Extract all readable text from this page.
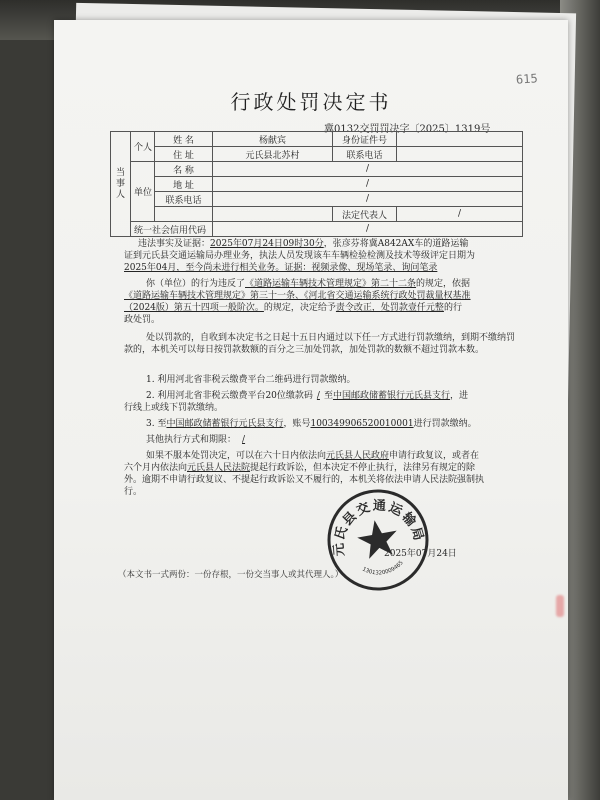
615
行政处罚决定书
冀0132交罚罚决字〔2025〕1319号
当事人	个人	姓 名	杨献宾	身份证件号	
		住 址	元氏县北苏村	联系电话	
	单位	名 称	/		
		地 址	/		
		联系电话	/		
				法定代表人	/
	统一社会信用代码		/		
违法事实及证据：2025年07月24日09时30分，张彦芬将冀A842AX车的道路运输
证到元氏县交通运输局办理业务，执法人员发现该车车辆检验检测及技术等级评定日期为
2025年04月，至今尚未进行相关业务。证据：视频录像、现场笔录、询问笔录
你（单位）的行为违反了《道路运输车辆技术管理规定》第二十二条的规定，依据
《道路运输车辆技术管理规定》第三十一条、《河北省交通运输系统行政处罚裁量权基准
（2024版）第五十四项一般阶次。的规定，决定给予责令改正，处罚款壹仟元整的行
政处罚。
处以罚款的，自收到本决定书之日起十五日内通过以下任一方式进行罚款缴纳，到期不缴纳罚款的，本机关可以每日按罚款数额的百分之三加处罚款，加处罚款的数额不超过罚款本数。
1. 利用河北省非税云缴费平台二维码进行罚款缴纳。
2. 利用河北省非税云缴费平台20位缴款码 / 至中国邮政储蓄银行元氏县支行，进
行线上或线下罚款缴纳。
3. 至中国邮政储蓄银行元氏县支行，账号100349906520010001进行罚款缴纳。
其他执行方式和期限： /
如果不服本处罚决定，可以在六十日内依法向元氏县人民政府申请行政复议，或者在
六个月内依法向元氏县人民法院提起行政诉讼，但本决定不停止执行，法律另有规定的除
外。逾期不申请行政复议、不提起行政诉讼又不履行的，本机关将依法申请人民法院强制执
行。
元氏县交通运输局
1301320009465
2025年07月24日
（本文书一式两份：一份存根，一份交当事人或其代理人。）
